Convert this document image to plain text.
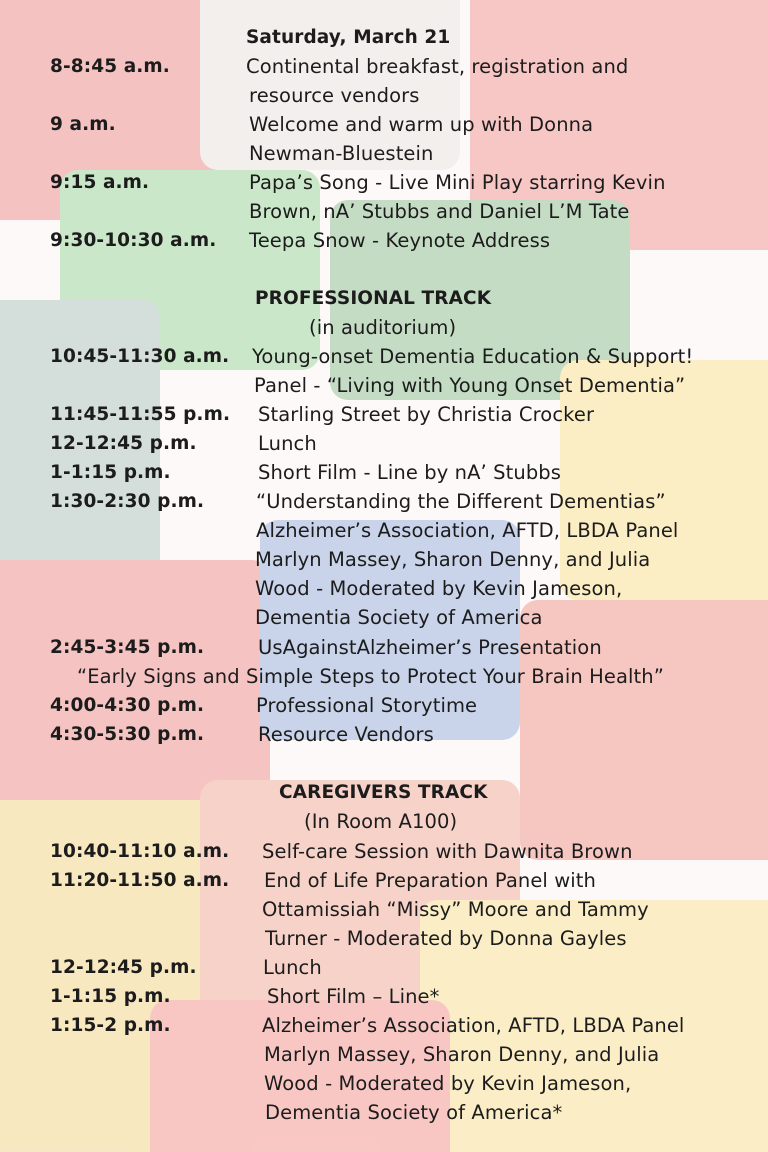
Saturday, March 21
8-8:45 a.m.	Continental breakfast, registration and
resource vendors
9 a.m.	Welcome and warm up with Donna
Newman-Bluestein
9:15 a.m.	Papa’s Song - Live Mini Play starring Kevin
Brown, nA’ Stubbs and Daniel L’M Tate
9:30-10:30 a.m. Teepa Snow - Keynote Address
PROFESSIONAL TRACK
(in auditorium)
10:45-11:30 a.m. Young-onset Dementia Education & Support!
Panel - “Living with Young Onset Dementia”
11:45-11:55 p.m. Starling Street by Christia Crocker
12-12:45 p.m.	Lunch
1-1:15 p.m.	Short Film - Line by nA’ Stubbs
1:30-2:30 p.m.	“Understanding the Different Dementias”
Alzheimer’s Association, AFTD, LBDA Panel
Marlyn Massey, Sharon Denny, and Julia
Wood - Moderated by Kevin Jameson,
Dementia Society of America
2:45-3:45 p.m.	UsAgainstAlzheimer’s Presentation
“Early Signs and Simple Steps to Protect Your Brain Health”
4:00-4:30 p.m.	Professional Storytime
4:30-5:30 p.m.	Resource Vendors
CAREGIVERS TRACK
(In Room A100)
10:40-11:10 a.m. Self-care Session with Dawnita Brown
11:20-11:50 a.m. End of Life Preparation Panel with
Ottamissiah “Missy” Moore and Tammy
Turner - Moderated by Donna Gayles
12-12:45 p.m.	Lunch
1-1:15 p.m.	Short Film – Line*
1:15-2 p.m.	Alzheimer’s Association, AFTD, LBDA Panel
Marlyn Massey, Sharon Denny, and Julia
Wood - Moderated by Kevin Jameson,
Dementia Society of America*
